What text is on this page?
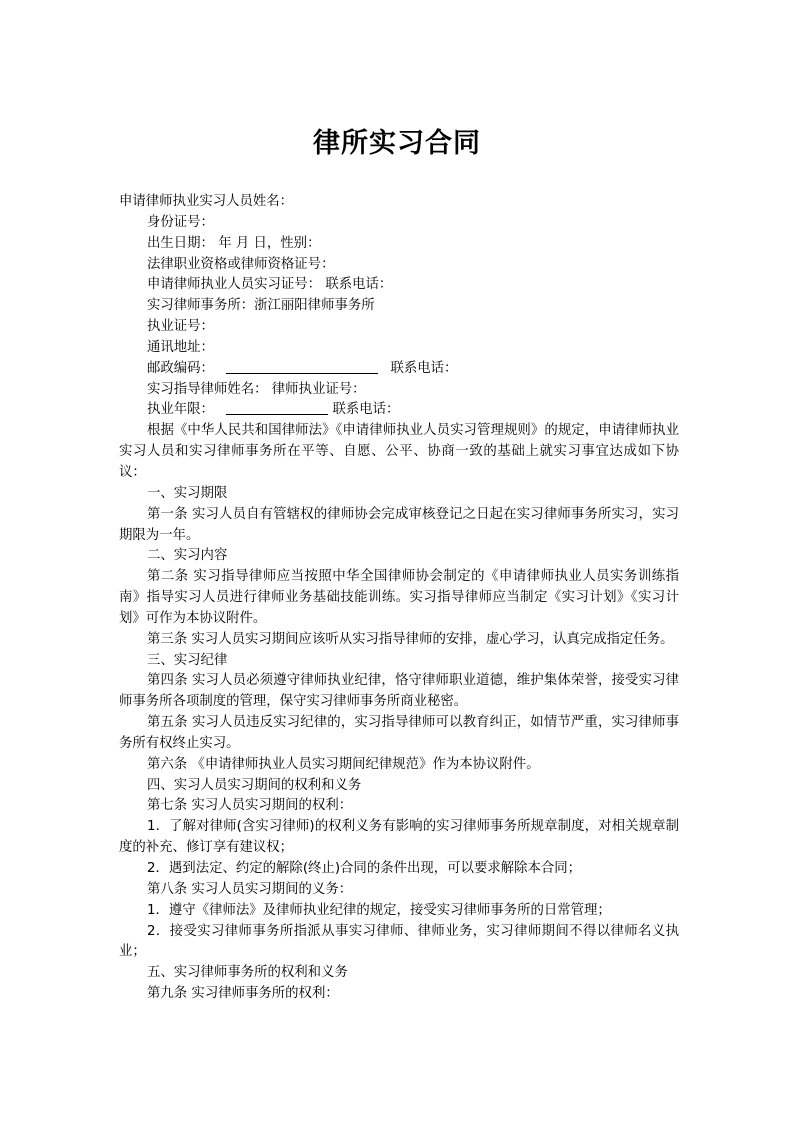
律所实习合同
申请律师执业实习人员姓名：
身份证号：
出生日期： 年 月 日，性别：
法律职业资格或律师资格证号：
申请律师执业人员实习证号： 联系电话：
实习律师事务所：浙江丽阳律师事务所
执业证号：
通讯地址：
邮政编码：	联系电话：
实习指导律师姓名： 律师执业证号：
执业年限：	联系电话：
根据《中华人民共和国律师法》《申请律师执业人员实习管理规则》的规定，申请律师执业实习人员和实习律师事务所在平等、自愿、公平、协商一致的基础上就实习事宜达成如下协议：
一、实习期限
第一条 实习人员自有管辖权的律师协会完成审核登记之日起在实习律师事务所实习，实习期限为一年。
二、实习内容
第二条 实习指导律师应当按照中华全国律师协会制定的《申请律师执业人员实务训练指南》指导实习人员进行律师业务基础技能训练。实习指导律师应当制定《实习计划》《实习计划》可作为本协议附件。
第三条 实习人员实习期间应该听从实习指导律师的安排，虚心学习，认真完成指定任务。
三、实习纪律
第四条 实习人员必须遵守律师执业纪律，恪守律师职业道德，维护集体荣誉，接受实习律师事务所各项制度的管理，保守实习律师事务所商业秘密。
第五条 实习人员违反实习纪律的，实习指导律师可以教育纠正，如情节严重，实习律师事务所有权终止实习。
第六条 《申请律师执业人员实习期间纪律规范》作为本协议附件。
四、实习人员实习期间的权利和义务
第七条 实习人员实习期间的权利：
1．了解对律师(含实习律师)的权利义务有影响的实习律师事务所规章制度，对相关规章制度的补充、修订享有建议权；
2．遇到法定、约定的解除(终止)合同的条件出现，可以要求解除本合同；
第八条 实习人员实习期间的义务：
1．遵守《律师法》及律师执业纪律的规定，接受实习律师事务所的日常管理；
2．接受实习律师事务所指派从事实习律师、律师业务，实习律师期间不得以律师名义执业；
五、实习律师事务所的权利和义务
第九条 实习律师事务所的权利：
